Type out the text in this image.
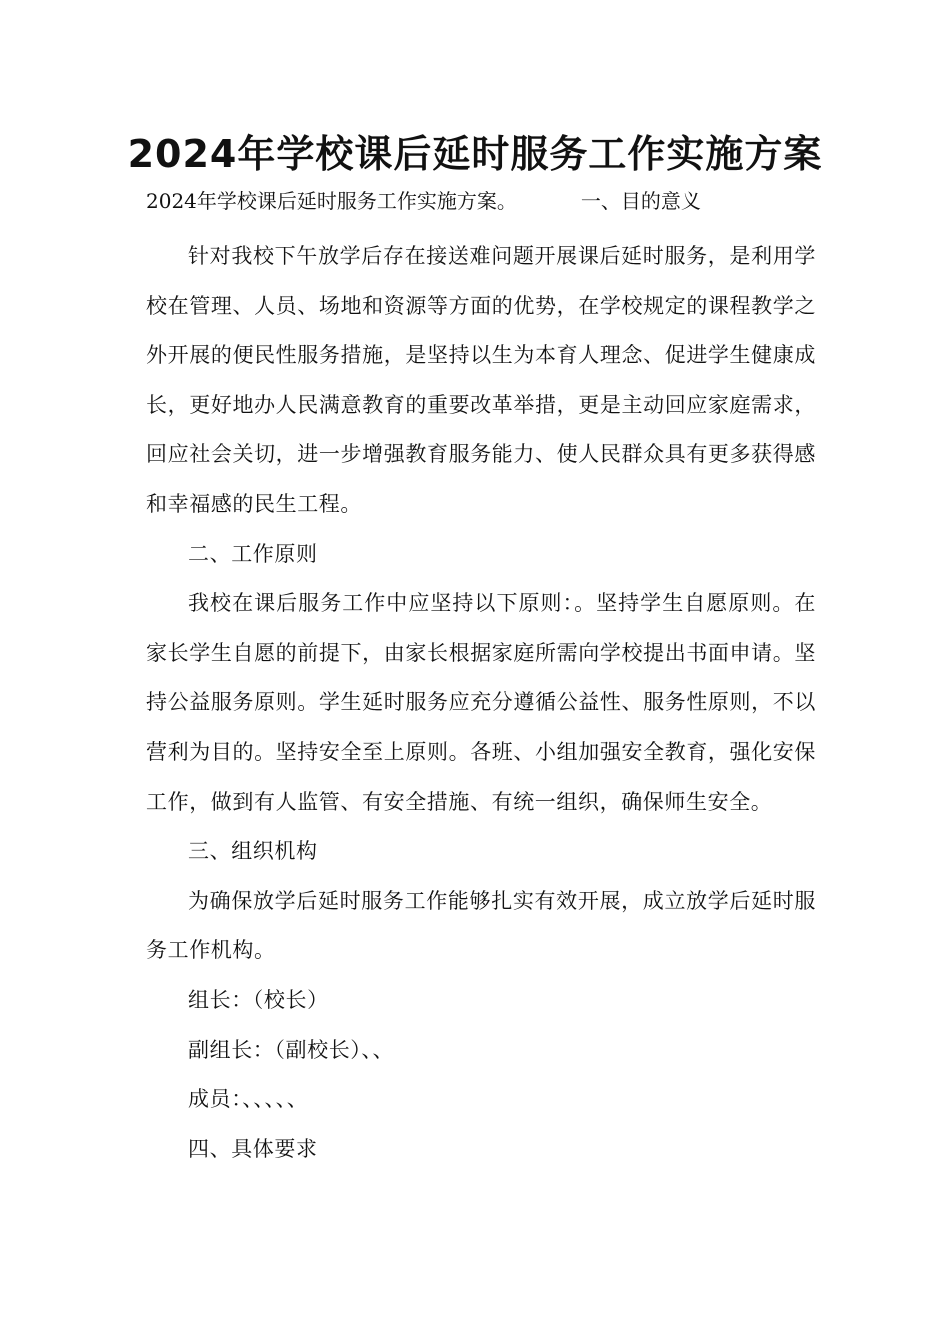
2024年学校课后延时服务工作实施方案
2024年学校课后延时服务工作实施方案。	一、目的意义

针对我校下午放学后存在接送难问题开展课后延时服务，是利用学校在管理、人员、场地和资源等方面的优势，在学校规定的课程教学之外开展的便民性服务措施，是坚持以生为本育人理念、促进学生健康成长，更好地办人民满意教育的重要改革举措，更是主动回应家庭需求，回应社会关切，进一步增强教育服务能力、使人民群众具有更多获得感和幸福感的民生工程。

二、工作原则

我校在课后服务工作中应坚持以下原则：。坚持学生自愿原则。在家长学生自愿的前提下，由家长根据家庭所需向学校提出书面申请。坚持公益服务原则。学生延时服务应充分遵循公益性、服务性原则，不以营利为目的。坚持安全至上原则。各班、小组加强安全教育，强化安保工作，做到有人监管、有安全措施、有统一组织，确保师生安全。

三、组织机构

为确保放学后延时服务工作能够扎实有效开展，成立放学后延时服务工作机构。

组长：（校长）

副组长：（副校长）、、

成员：、、、、、

四、具体要求
